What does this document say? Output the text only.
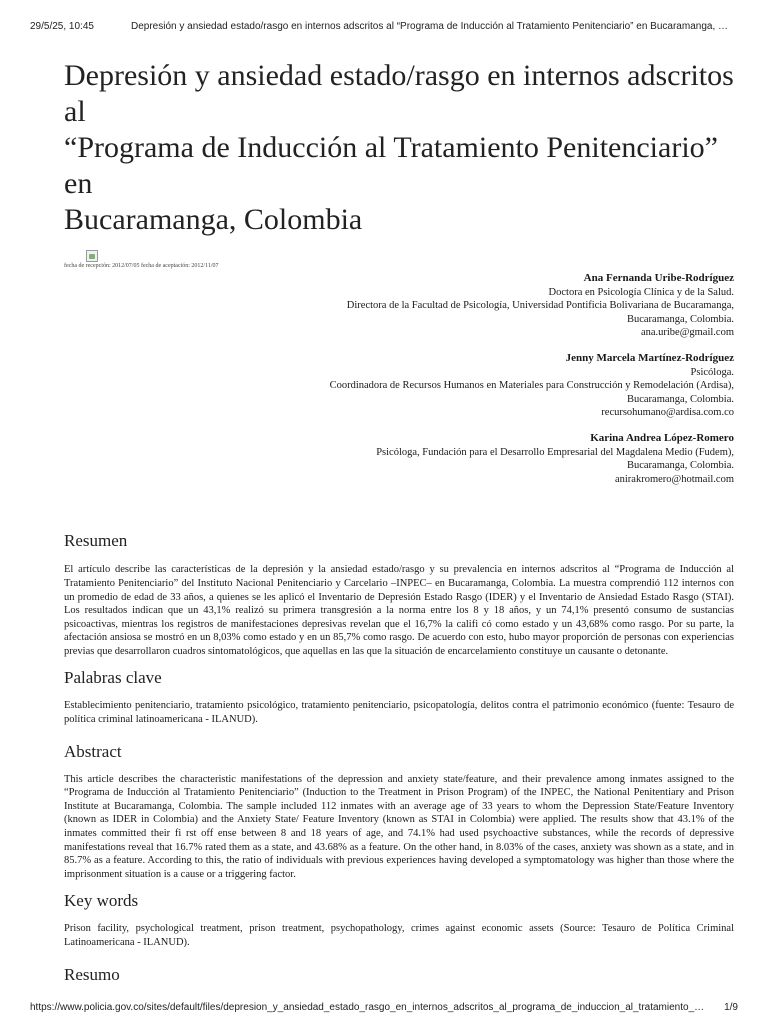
29/5/25, 10:45	Depresión y ansiedad estado/rasgo en internos adscritos al “Programa de Inducción al Tratamiento Penitenciario” en Bucaramanga, …
Depresión y ansiedad estado/rasgo en internos adscritos al
“Programa de Inducción al Tratamiento Penitenciario” en
Bucaramanga, Colombia
fecha de recepción: 2012/07/05 fecha de aceptación: 2012/11/07
Ana Fernanda Uribe-Rodríguez
Doctora en Psicología Clínica y de la Salud.
Directora de la Facultad de Psicología, Universidad Pontificia Bolivariana de Bucaramanga,
Bucaramanga, Colombia.
ana.uribe@gmail.com
Jenny Marcela Martínez-Rodríguez
Psicóloga.
Coordinadora de Recursos Humanos en Materiales para Construcción y Remodelación (Ardisa),
Bucaramanga, Colombia.
recursohumano@ardisa.com.co
Karina Andrea López-Romero
Psicóloga, Fundación para el Desarrollo Empresarial del Magdalena Medio (Fudem),
Bucaramanga, Colombia.
anirakromero@hotmail.com
Resumen

El artículo describe las características de la depresión y la ansiedad estado/rasgo y su prevalencia en internos adscritos al “Programa de Inducción al Tratamiento Penitenciario” del Instituto Nacional Penitenciario y Carcelario –INPEC– en Bucaramanga, Colombia. La muestra comprendió 112 internos con un promedio de edad de 33 años, a quienes se les aplicó el Inventario de Depresión Estado Rasgo (IDER) y el Inventario de Ansiedad Estado Rasgo (STAI). Los resultados indican que un 43,1% realizó su primera transgresión a la norma entre los 8 y 18 años, y un 74,1% presentó consumo de sustancias psicoactivas, mientras los registros de manifestaciones depresivas revelan que el 16,7% la califi có como estado y un 43,68% como rasgo. Por su parte, la afectación ansiosa se mostró en un 8,03% como estado y en un 85,7% como rasgo. De acuerdo con esto, hubo mayor proporción de personas con experiencias previas que desarrollaron cuadros sintomatológicos, que aquellas en las que la situación de encarcelamiento constituye un causante o detonante.

Palabras clave

Establecimiento penitenciario, tratamiento psicológico, tratamiento penitenciario, psicopatología, delitos contra el patrimonio económico (fuente: Tesauro de política criminal latinoamericana - ILANUD).

Abstract

This article describes the characteristic manifestations of the depression and anxiety state/feature, and their prevalence among inmates assigned to the “Programa de Inducción al Tratamiento Penitenciario” (Induction to the Treatment in Prison Program) of the INPEC, the National Penitentiary and Prison Institute at Bucaramanga, Colombia. The sample included 112 inmates with an average age of 33 years to whom the Depression State/Feature Inventory (known as IDER in Colombia) and the Anxiety State/ Feature Inventory (known as STAI in Colombia) were applied. The results show that 43.1% of the inmates committed their fi rst off ense between 8 and 18 years of age, and 74.1% had used psychoactive substances, while the records of depressive manifestations reveal that 16.7% rated them as a state, and 43.68% as a feature. On the other hand, in 8.03% of the cases, anxiety was shown as a state, and in 85.7% as a feature. According to this, the ratio of individuals with previous experiences having developed a symptomatology was higher than those where the imprisonment situation is a cause or a triggering factor.

Key words

Prison facility, psychological treatment, prison treatment, psychopathology, crimes against economic assets (Source: Tesauro de Política Criminal Latinoamericana - ILANUD).

Resumo
https://www.policia.gov.co/sites/default/files/depresion_y_ansiedad_estado_rasgo_en_internos_adscritos_al_programa_de_induccion_al_tratamiento_… 1/9
